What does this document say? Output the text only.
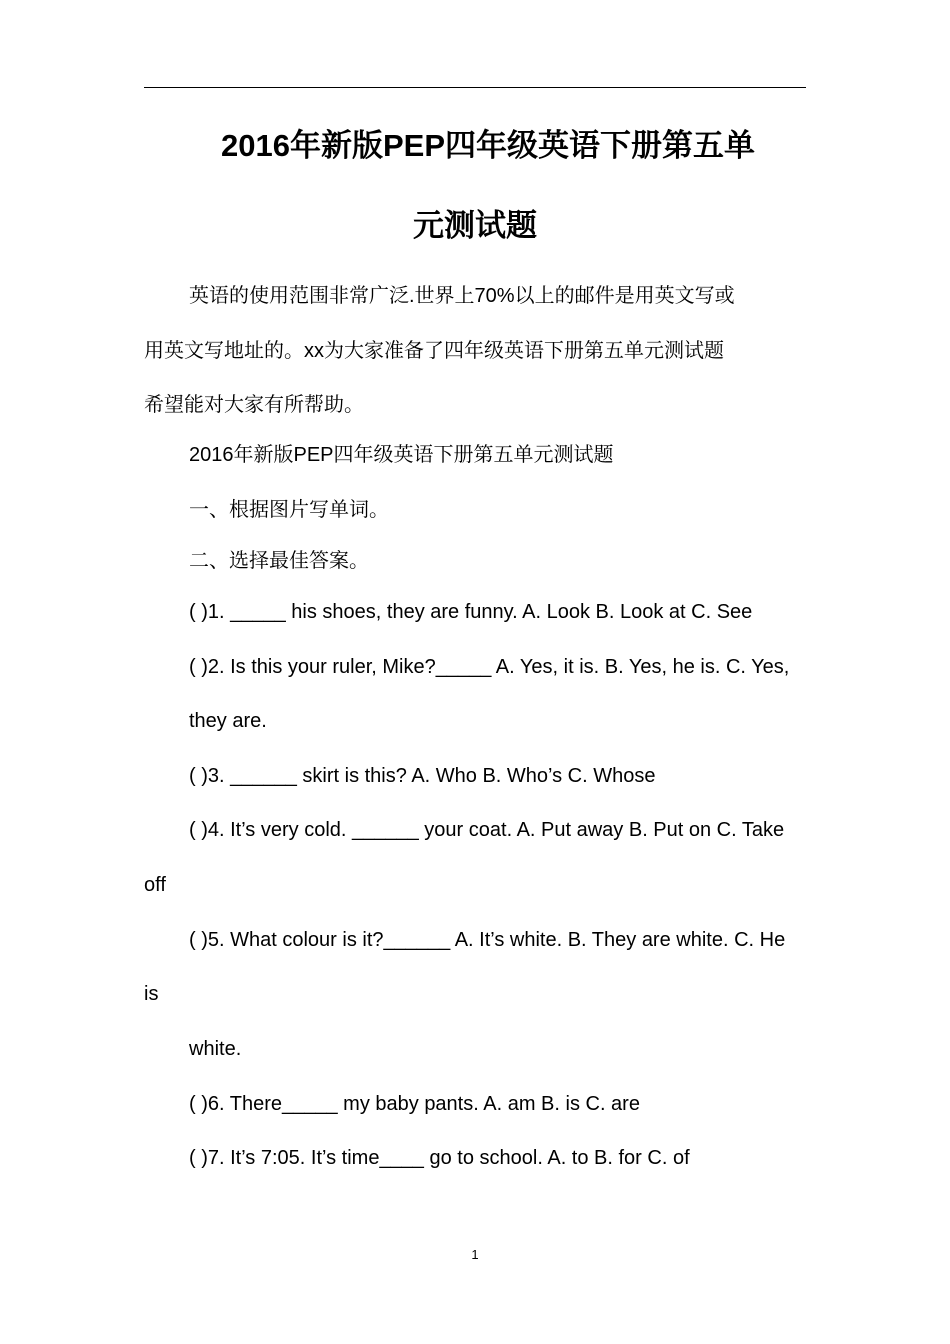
2016年新版PEP四年级英语下册第五单
元测试题

英语的使用范围非常广泛.世界上70%以上的邮件是用英文写或

用英文写地址的。xx为大家准备了四年级英语下册第五单元测试题

希望能对大家有所帮助。

2016年新版PEP四年级英语下册第五单元测试题

一、根据图片写单词。

二、选择最佳答案。

( )1. _____ his shoes, they are funny. A. Look B. Look at C. See

( )2. Is this your ruler, Mike?_____ A. Yes, it is. B. Yes, he is. C. Yes,

they are.

( )3. ______ skirt is this? A. Who B. Who’s C. Whose

( )4. It’s very cold. ______ your coat. A. Put away B. Put on C. Take

off

( )5. What colour is it?______ A. It’s white. B. They are white. C. He

is

white.

( )6. There_____ my baby pants. A. am B. is C. are

( )7. It’s 7:05. It’s time____ go to school. A. to B. for C. of

1
